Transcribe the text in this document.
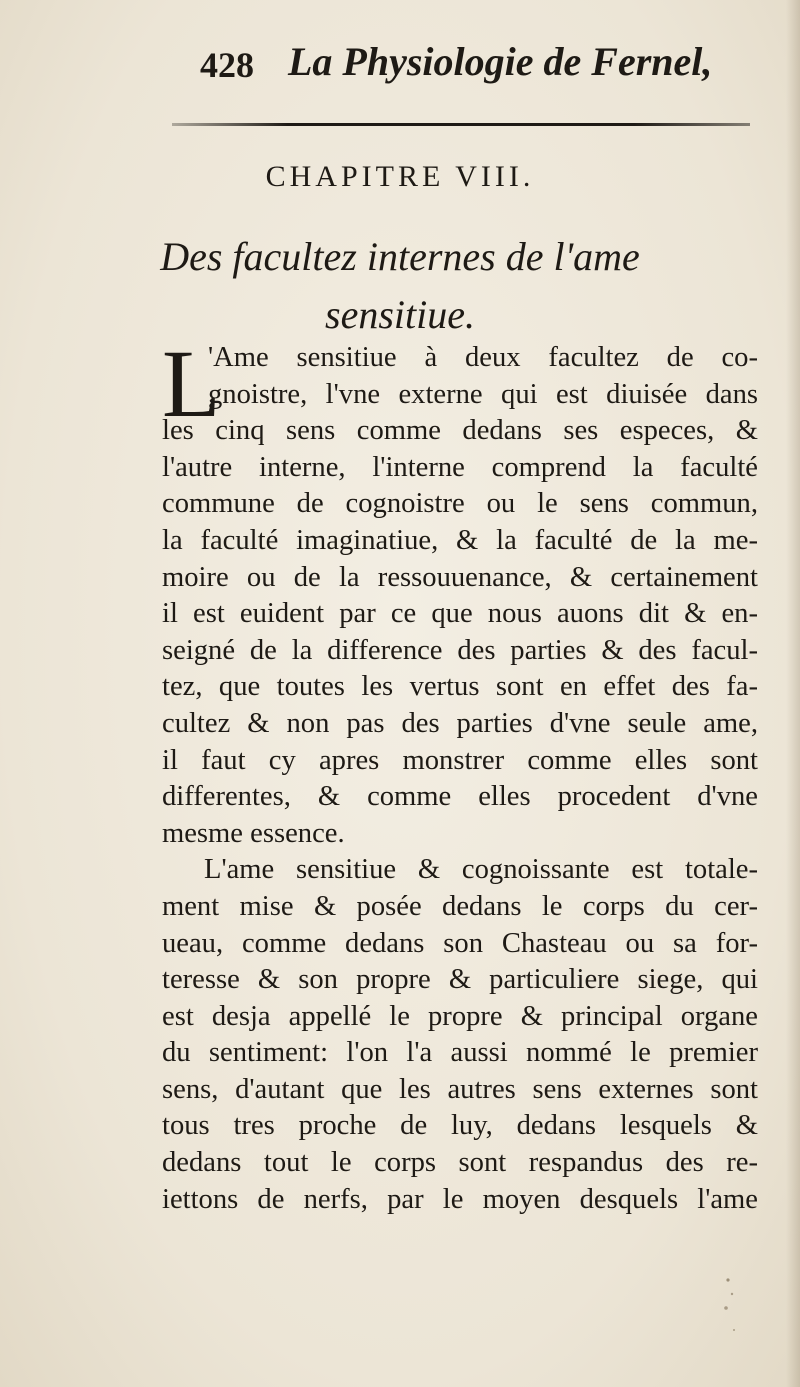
428 La Physiologie de Fernel,
CHAPITRE VIII.
Des facultez internes de l'ame
sensitiue.
L
'Ame sensitiue à deux facultez de co-
gnoistre, l'vne externe qui est diuisée dans
les cinq sens comme dedans ses especes, &
l'autre interne, l'interne comprend la faculté
commune de cognoistre ou le sens commun,
la faculté imaginatiue, & la faculté de la me-
moire ou de la ressouuenance, & certainement
il est euident par ce que nous auons dit & en-
seigné de la difference des parties & des facul-
tez, que toutes les vertus sont en effet des fa-
cultez & non pas des parties d'vne seule ame,
il faut cy apres monstrer comme elles sont
differentes, & comme elles procedent d'vne
mesme essence.
L'ame sensitiue & cognoissante est totale-
ment mise & posée dedans le corps du cer-
ueau, comme dedans son Chasteau ou sa for-
teresse & son propre & particuliere siege, qui
est desja appellé le propre & principal organe
du sentiment: l'on l'a aussi nommé le premier
sens, d'autant que les autres sens externes sont
tous tres proche de luy, dedans lesquels &
dedans tout le corps sont respandus des re-
iettons de nerfs, par le moyen desquels l'ame
